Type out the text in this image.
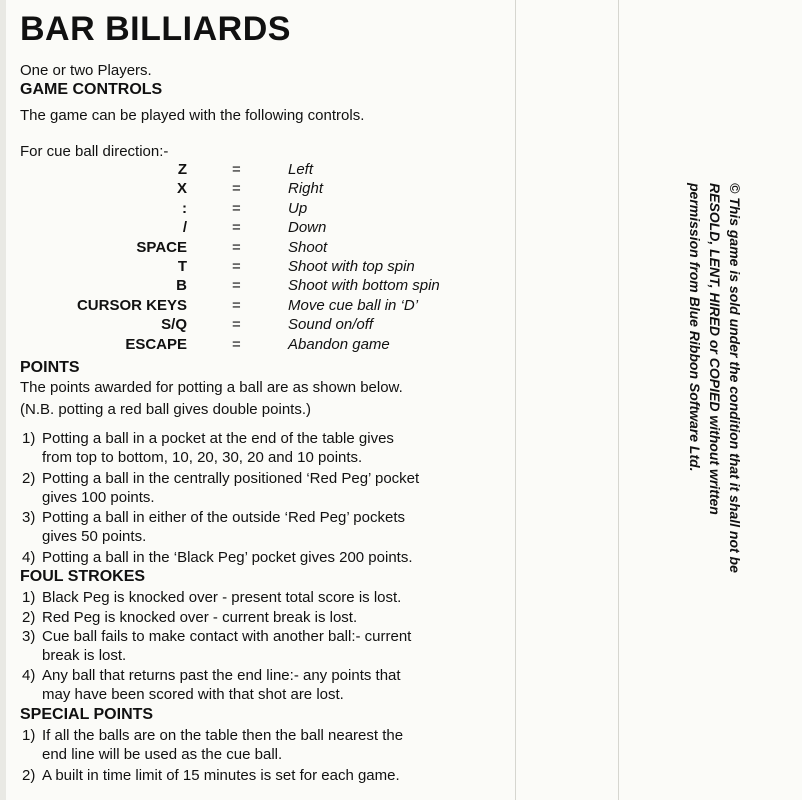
BAR BILLIARDS
One or two Players.
GAME CONTROLS
The game can be played with the following controls.
For cue ball direction:-
Z	=	Left
X	=	Right
:	=	Up
/	=	Down
SPACE	=	Shoot
T	=	Shoot with top spin
B	=	Shoot with bottom spin
CURSOR KEYS	=	Move cue ball in ‘D’
S/Q	=	Sound on/off
ESCAPE	=	Abandon game
POINTS
The points awarded for potting a ball are as shown below.
(N.B. potting a red ball gives double points.)
1) Potting a ball in a pocket at the end of the table gives
from top to bottom, 10, 20, 30, 20 and 10 points.
2) Potting a ball in the centrally positioned ‘Red Peg’ pocket
gives 100 points.
3) Potting a ball in either of the outside ‘Red Peg’ pockets
gives 50 points.
4) Potting a ball in the ‘Black Peg’ pocket gives 200 points.
FOUL STROKES
1) Black Peg is knocked over - present total score is lost.
2) Red Peg is knocked over - current break is lost.
3) Cue ball fails to make contact with another ball:- current
break is lost.
4) Any ball that returns past the end line:- any points that
may have been scored with that shot are lost.
SPECIAL POINTS
1) If all the balls are on the table then the ball nearest the
end line will be used as the cue ball.
2) A built in time limit of 15 minutes is set for each game.
© This game is sold under the condition that it shall not be
RESOLD, LENT, HIRED or COPIED without written
permission from Blue Ribbon Software Ltd.
